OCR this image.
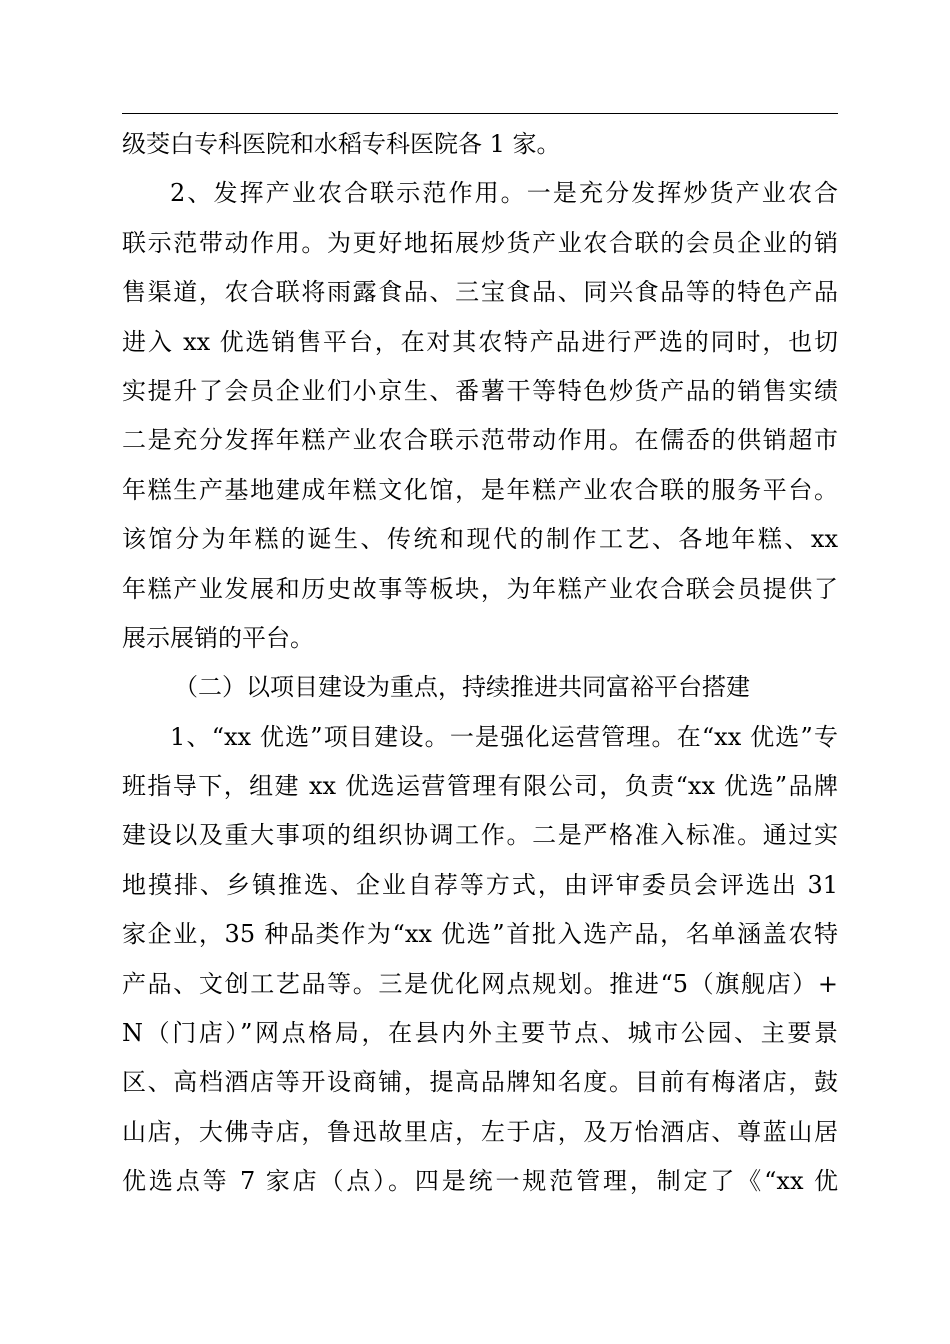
级茭白专科医院和水稻专科医院各 1 家。
2、发挥产业农合联示范作用。一是充分发挥炒货产业农合
联示范带动作用。为更好地拓展炒货产业农合联的会员企业的销
售渠道，农合联将雨露食品、三宝食品、同兴食品等的特色产品
进入 xx 优选销售平台，在对其农特产品进行严选的同时，也切
实提升了会员企业们小京生、番薯干等特色炒货产品的销售实绩
二是充分发挥年糕产业农合联示范带动作用。在儒岙的供销超市
年糕生产基地建成年糕文化馆，是年糕产业农合联的服务平台。
该馆分为年糕的诞生、传统和现代的制作工艺、各地年糕、xx
年糕产业发展和历史故事等板块，为年糕产业农合联会员提供了
展示展销的平台。
（二）以项目建设为重点，持续推进共同富裕平台搭建
1、“xx 优选”项目建设。一是强化运营管理。在“xx 优选”专
班指导下，组建 xx 优选运营管理有限公司，负责“xx 优选”品牌
建设以及重大事项的组织协调工作。二是严格准入标准。通过实
地摸排、乡镇推选、企业自荐等方式，由评审委员会评选出 31
家企业，35 种品类作为“xx 优选”首批入选产品，名单涵盖农特
产品、文创工艺品等。三是优化网点规划。推进“5（旗舰店）+
N（门店）”网点格局，在县内外主要节点、城市公园、主要景
区、高档酒店等开设商铺，提高品牌知名度。目前有梅渚店，鼓
山店，大佛寺店，鲁迅故里店，左于店，及万怡酒店、尊蓝山居
优选点等 7 家店（点）。四是统一规范管理，制定了《“xx 优
